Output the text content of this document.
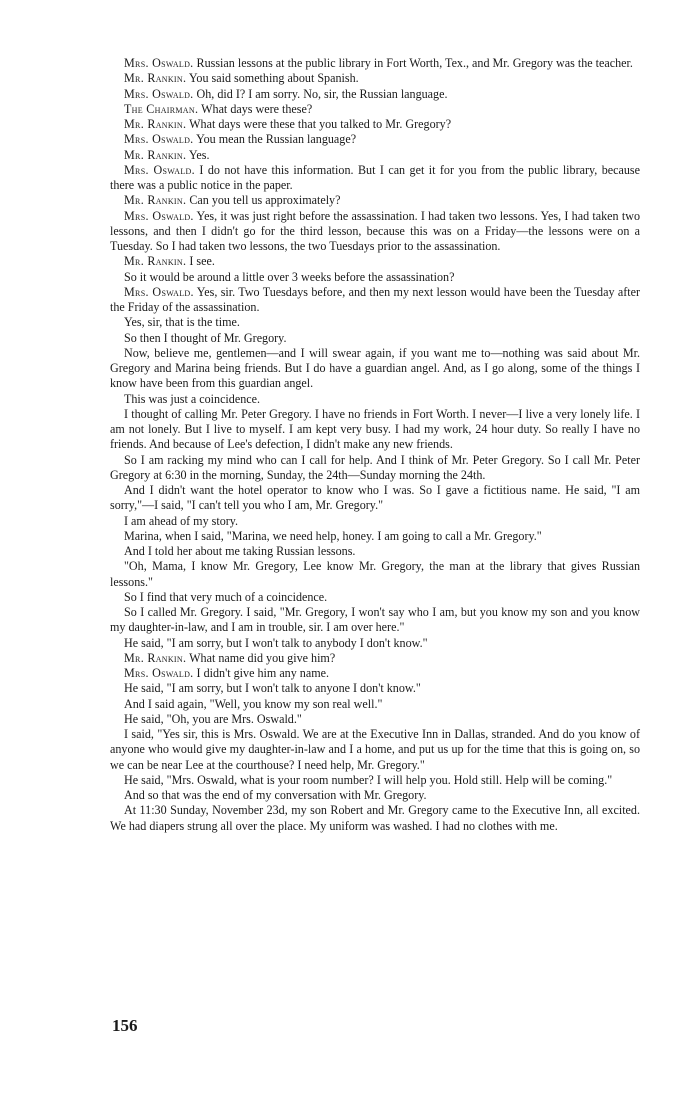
Mrs. Oswald. Russian lessons at the public library in Fort Worth, Tex., and Mr. Gregory was the teacher.

Mr. Rankin. You said something about Spanish.

Mrs. Oswald. Oh, did I? I am sorry. No, sir, the Russian language.

The Chairman. What days were these?

Mr. Rankin. What days were these that you talked to Mr. Gregory?

Mrs. Oswald. You mean the Russian language?

Mr. Rankin. Yes.

Mrs. Oswald. I do not have this information. But I can get it for you from the public library, because there was a public notice in the paper.

Mr. Rankin. Can you tell us approximately?

Mrs. Oswald. Yes, it was just right before the assassination. I had taken two lessons. Yes, I had taken two lessons, and then I didn't go for the third lesson, because this was on a Friday—the lessons were on a Tuesday. So I had taken two lessons, the two Tuesdays prior to the assassination.

Mr. Rankin. I see.

So it would be around a little over 3 weeks before the assassination?

Mrs. Oswald. Yes, sir. Two Tuesdays before, and then my next lesson would have been the Tuesday after the Friday of the assassination.

Yes, sir, that is the time.

So then I thought of Mr. Gregory.

Now, believe me, gentlemen—and I will swear again, if you want me to—nothing was said about Mr. Gregory and Marina being friends. But I do have a guardian angel. And, as I go along, some of the things I know have been from this guardian angel.

This was just a coincidence.

I thought of calling Mr. Peter Gregory. I have no friends in Fort Worth. I never—I live a very lonely life. I am not lonely. But I live to myself. I am kept very busy. I had my work, 24 hour duty. So really I have no friends. And because of Lee's defection, I didn't make any new friends.

So I am racking my mind who can I call for help. And I think of Mr. Peter Gregory. So I call Mr. Peter Gregory at 6:30 in the morning, Sunday, the 24th—Sunday morning the 24th.

And I didn't want the hotel operator to know who I was. So I gave a fictitious name. He said, "I am sorry,"—I said, "I can't tell you who I am, Mr. Gregory."

I am ahead of my story.

Marina, when I said, "Marina, we need help, honey. I am going to call a Mr. Gregory."

And I told her about me taking Russian lessons.

"Oh, Mama, I know Mr. Gregory, Lee know Mr. Gregory, the man at the library that gives Russian lessons."

So I find that very much of a coincidence.

So I called Mr. Gregory. I said, "Mr. Gregory, I won't say who I am, but you know my son and you know my daughter-in-law, and I am in trouble, sir. I am over here."

He said, "I am sorry, but I won't talk to anybody I don't know."

Mr. Rankin. What name did you give him?

Mrs. Oswald. I didn't give him any name.

He said, "I am sorry, but I won't talk to anyone I don't know."

And I said again, "Well, you know my son real well."

He said, "Oh, you are Mrs. Oswald."

I said, "Yes sir, this is Mrs. Oswald. We are at the Executive Inn in Dallas, stranded. And do you know of anyone who would give my daughter-in-law and I a home, and put us up for the time that this is going on, so we can be near Lee at the courthouse? I need help, Mr. Gregory."

He said, "Mrs. Oswald, what is your room number? I will help you. Hold still. Help will be coming."

And so that was the end of my conversation with Mr. Gregory.

At 11:30 Sunday, November 23d, my son Robert and Mr. Gregory came to the Executive Inn, all excited. We had diapers strung all over the place. My uniform was washed. I had no clothes with me.

156
